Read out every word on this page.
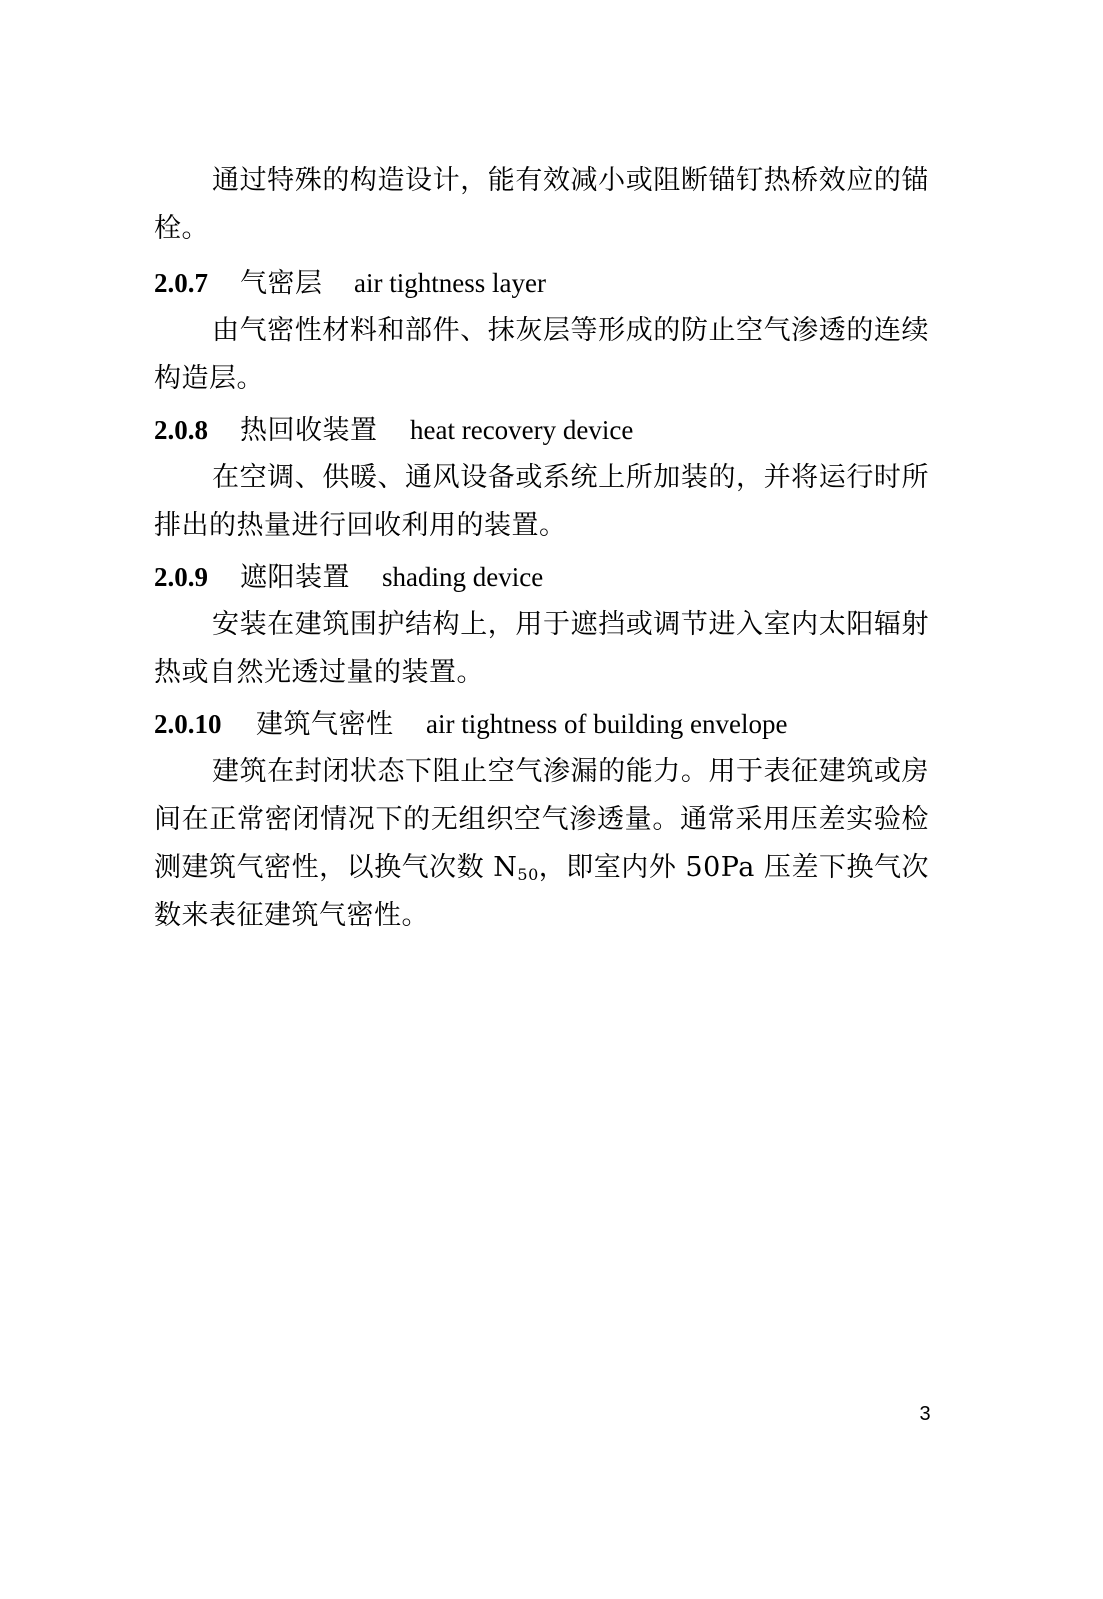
通过特殊的构造设计，能有效减小或阻断锚钉热桥效应的锚栓。
2.0.7 气密层 air tightness layer
由气密性材料和部件、抹灰层等形成的防止空气渗透的连续构造层。
2.0.8 热回收装置 heat recovery device
在空调、供暖、通风设备或系统上所加装的，并将运行时所排出的热量进行回收利用的装置。
2.0.9 遮阳装置 shading device
安装在建筑围护结构上，用于遮挡或调节进入室内太阳辐射热或自然光透过量的装置。
2.0.10 建筑气密性 air tightness of building envelope
建筑在封闭状态下阻止空气渗漏的能力。用于表征建筑或房间在正常密闭情况下的无组织空气渗透量。通常采用压差实验检测建筑气密性，以换气次数 $N_{50}$，即室内外 50Pa 压差下换气次数来表征建筑气密性。
3
